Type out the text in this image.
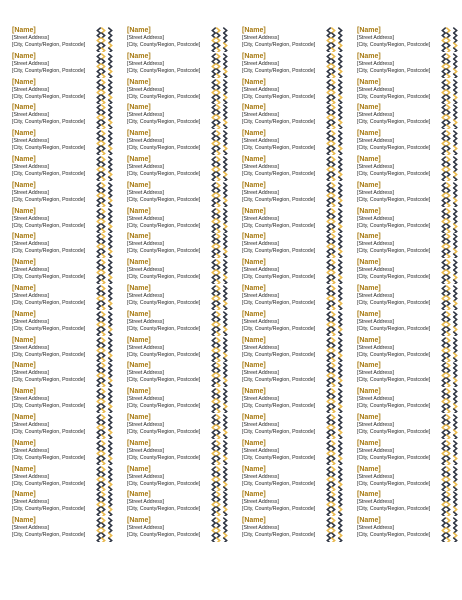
[Name]
[Street Address]
[City, County/Region, Postcode]
[Name]
[Street Address]
[City, County/Region, Postcode]
[Name]
[Street Address]
[City, County/Region, Postcode]
[Name]
[Street Address]
[City, County/Region, Postcode]
[Name]
[Street Address]
[City, County/Region, Postcode]
[Name]
[Street Address]
[City, County/Region, Postcode]
[Name]
[Street Address]
[City, County/Region, Postcode]
[Name]
[Street Address]
[City, County/Region, Postcode]
[Name]
[Street Address]
[City, County/Region, Postcode]
[Name]
[Street Address]
[City, County/Region, Postcode]
[Name]
[Street Address]
[City, County/Region, Postcode]
[Name]
[Street Address]
[City, County/Region, Postcode]
[Name]
[Street Address]
[City, County/Region, Postcode]
[Name]
[Street Address]
[City, County/Region, Postcode]
[Name]
[Street Address]
[City, County/Region, Postcode]
[Name]
[Street Address]
[City, County/Region, Postcode]
[Name]
[Street Address]
[City, County/Region, Postcode]
[Name]
[Street Address]
[City, County/Region, Postcode]
[Name]
[Street Address]
[City, County/Region, Postcode]
[Name]
[Street Address]
[City, County/Region, Postcode]
[Name]
[Street Address]
[City, County/Region, Postcode]
[Name]
[Street Address]
[City, County/Region, Postcode]
[Name]
[Street Address]
[City, County/Region, Postcode]
[Name]
[Street Address]
[City, County/Region, Postcode]
[Name]
[Street Address]
[City, County/Region, Postcode]
[Name]
[Street Address]
[City, County/Region, Postcode]
[Name]
[Street Address]
[City, County/Region, Postcode]
[Name]
[Street Address]
[City, County/Region, Postcode]
[Name]
[Street Address]
[City, County/Region, Postcode]
[Name]
[Street Address]
[City, County/Region, Postcode]
[Name]
[Street Address]
[City, County/Region, Postcode]
[Name]
[Street Address]
[City, County/Region, Postcode]
[Name]
[Street Address]
[City, County/Region, Postcode]
[Name]
[Street Address]
[City, County/Region, Postcode]
[Name]
[Street Address]
[City, County/Region, Postcode]
[Name]
[Street Address]
[City, County/Region, Postcode]
[Name]
[Street Address]
[City, County/Region, Postcode]
[Name]
[Street Address]
[City, County/Region, Postcode]
[Name]
[Street Address]
[City, County/Region, Postcode]
[Name]
[Street Address]
[City, County/Region, Postcode]
[Name]
[Street Address]
[City, County/Region, Postcode]
[Name]
[Street Address]
[City, County/Region, Postcode]
[Name]
[Street Address]
[City, County/Region, Postcode]
[Name]
[Street Address]
[City, County/Region, Postcode]
[Name]
[Street Address]
[City, County/Region, Postcode]
[Name]
[Street Address]
[City, County/Region, Postcode]
[Name]
[Street Address]
[City, County/Region, Postcode]
[Name]
[Street Address]
[City, County/Region, Postcode]
[Name]
[Street Address]
[City, County/Region, Postcode]
[Name]
[Street Address]
[City, County/Region, Postcode]
[Name]
[Street Address]
[City, County/Region, Postcode]
[Name]
[Street Address]
[City, County/Region, Postcode]
[Name]
[Street Address]
[City, County/Region, Postcode]
[Name]
[Street Address]
[City, County/Region, Postcode]
[Name]
[Street Address]
[City, County/Region, Postcode]
[Name]
[Street Address]
[City, County/Region, Postcode]
[Name]
[Street Address]
[City, County/Region, Postcode]
[Name]
[Street Address]
[City, County/Region, Postcode]
[Name]
[Street Address]
[City, County/Region, Postcode]
[Name]
[Street Address]
[City, County/Region, Postcode]
[Name]
[Street Address]
[City, County/Region, Postcode]
[Name]
[Street Address]
[City, County/Region, Postcode]
[Name]
[Street Address]
[City, County/Region, Postcode]
[Name]
[Street Address]
[City, County/Region, Postcode]
[Name]
[Street Address]
[City, County/Region, Postcode]
[Name]
[Street Address]
[City, County/Region, Postcode]
[Name]
[Street Address]
[City, County/Region, Postcode]
[Name]
[Street Address]
[City, County/Region, Postcode]
[Name]
[Street Address]
[City, County/Region, Postcode]
[Name]
[Street Address]
[City, County/Region, Postcode]
[Name]
[Street Address]
[City, County/Region, Postcode]
[Name]
[Street Address]
[City, County/Region, Postcode]
[Name]
[Street Address]
[City, County/Region, Postcode]
[Name]
[Street Address]
[City, County/Region, Postcode]
[Name]
[Street Address]
[City, County/Region, Postcode]
[Name]
[Street Address]
[City, County/Region, Postcode]
[Name]
[Street Address]
[City, County/Region, Postcode]
[Name]
[Street Address]
[City, County/Region, Postcode]
[Name]
[Street Address]
[City, County/Region, Postcode]
[Name]
[Street Address]
[City, County/Region, Postcode]
